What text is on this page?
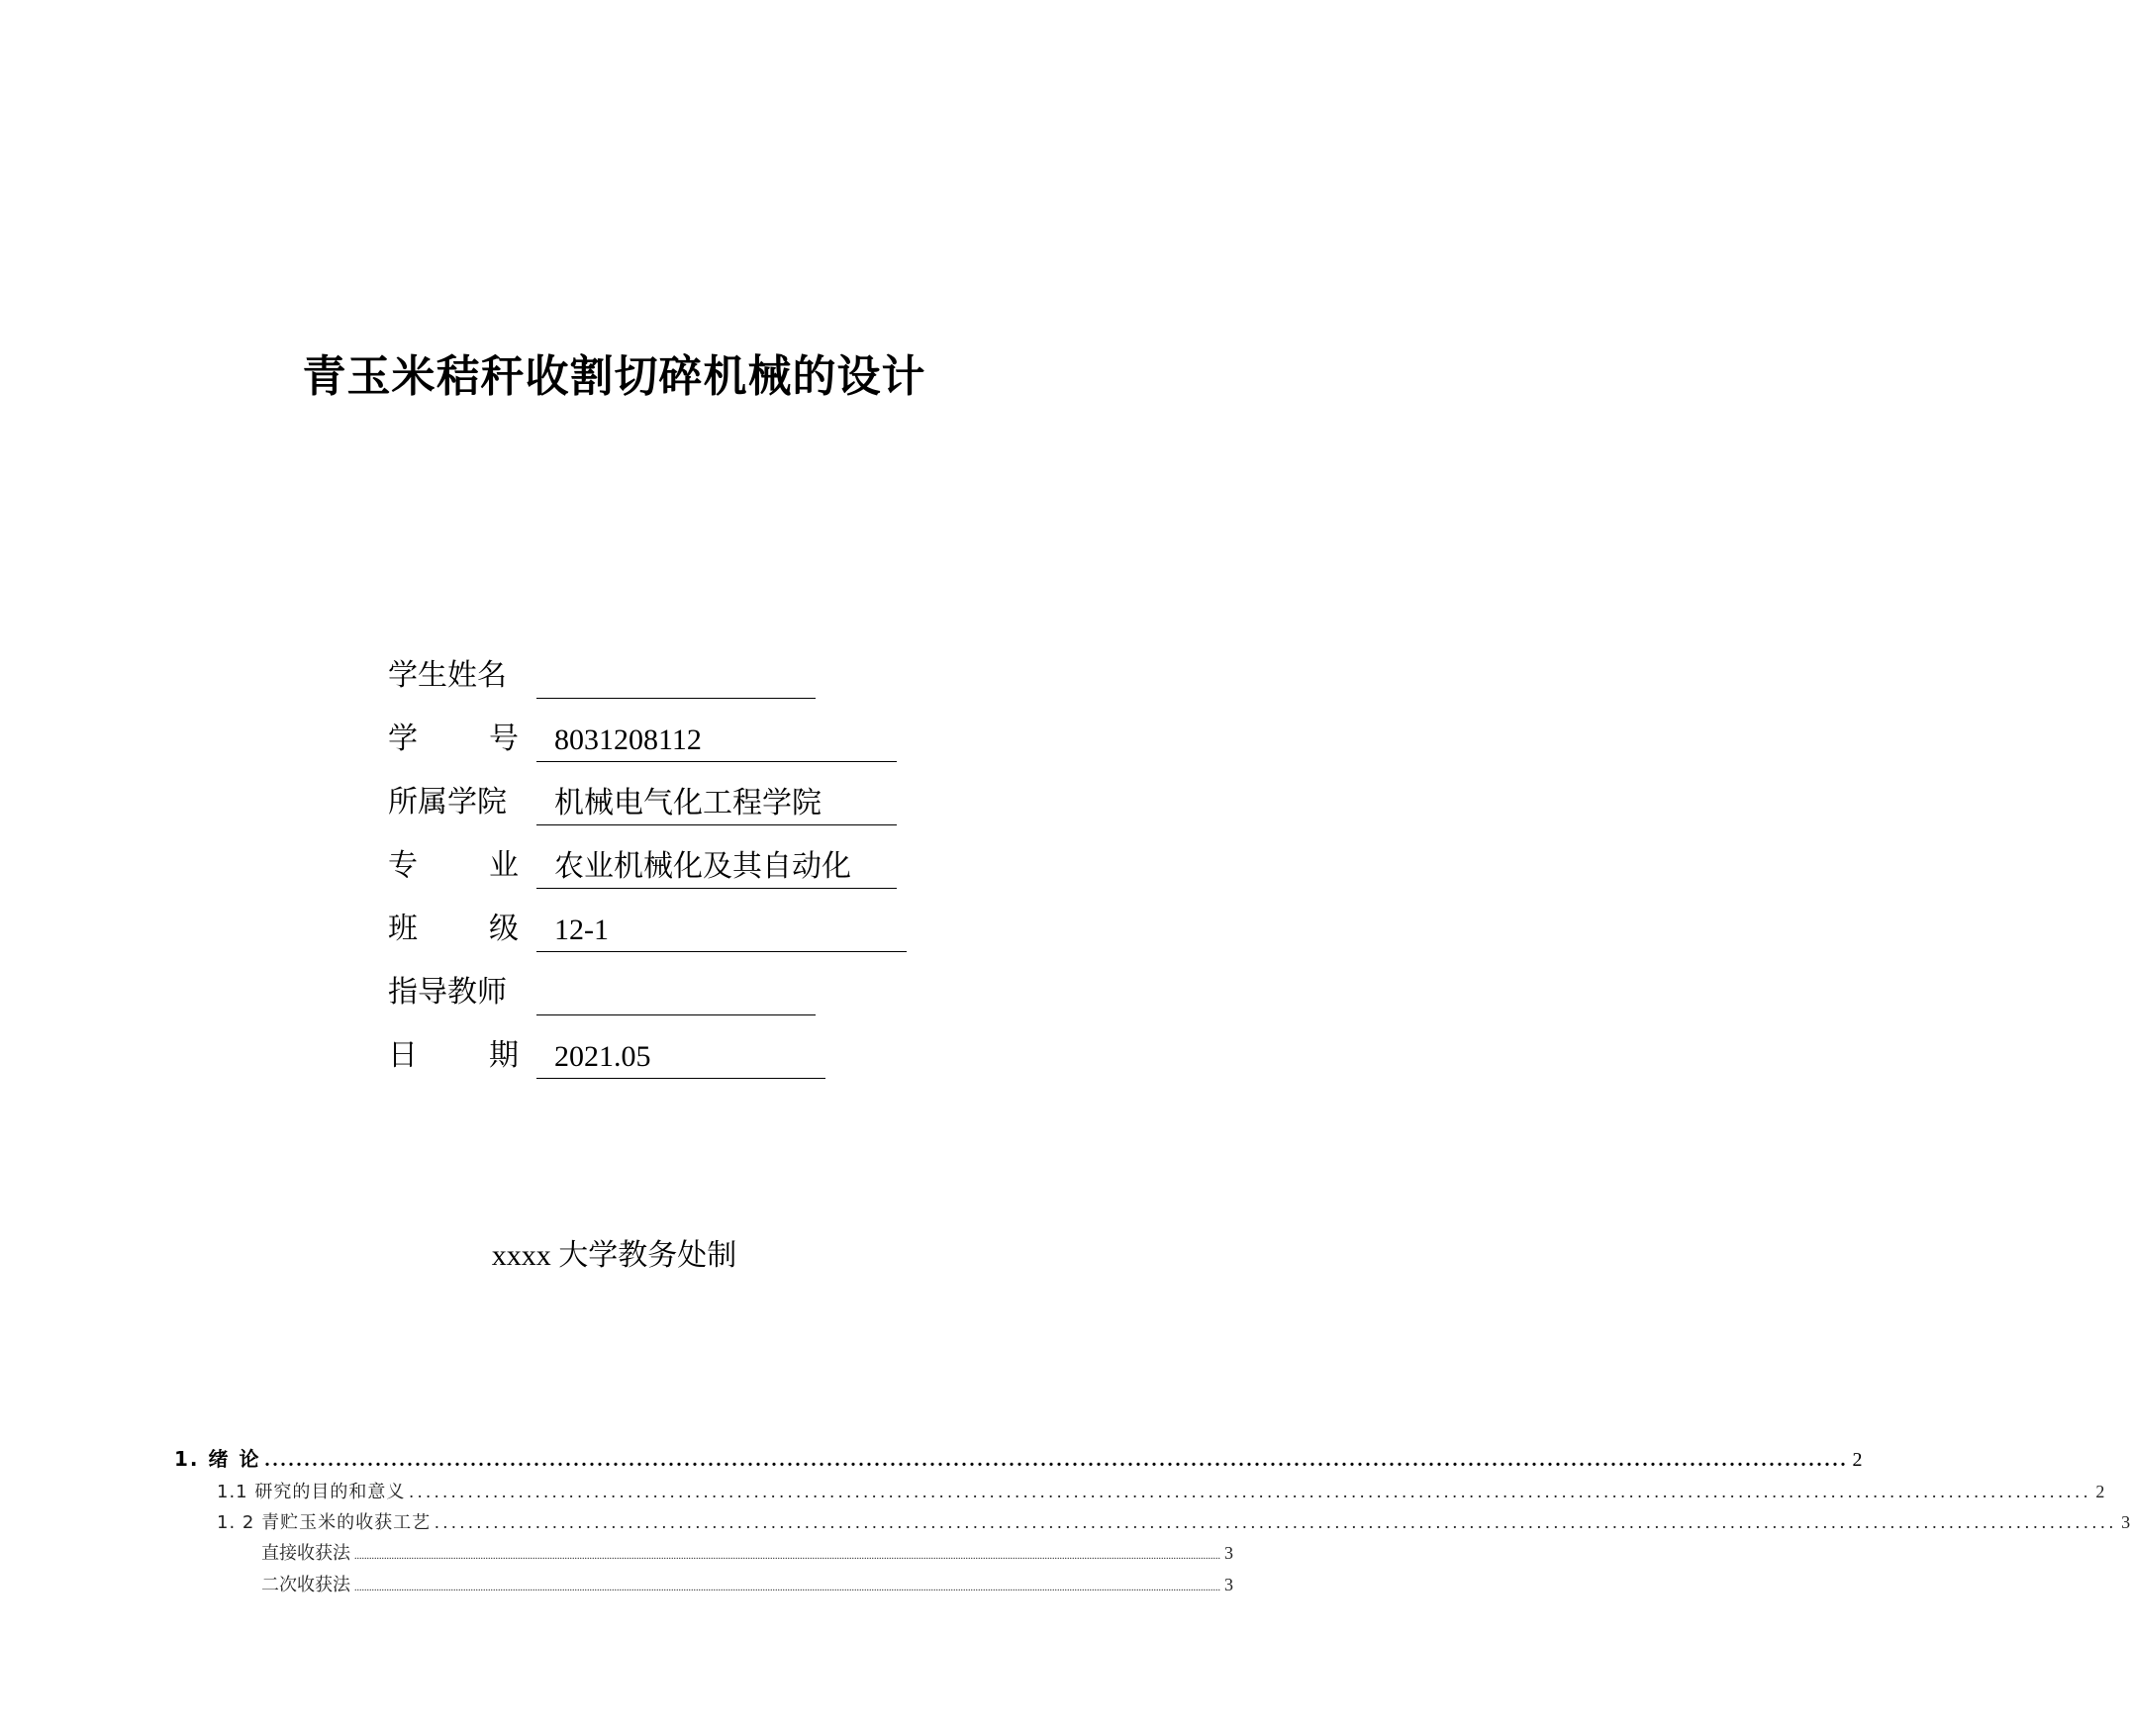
青玉米秸秆收割切碎机械的设计
学生姓名
学号 8031208112
所属学院	机械电气化工程学院
专业 农业机械化及其自动化
班级 12-1
指导教师
日期 2021.05
xxxx 大学教务处制
1. 绪 论 ........................................................................................................................................................................................................ 2
1.1 研究的目的和意义 ........................................................................................................................................................................................................ 2
1. 2 青贮玉米的收获工艺 ........................................................................................................................................................................................................ 3
直接收获法 .............................................................................................................................................................................................................................................................................................................................................................. 3
二次收获法 .............................................................................................................................................................................................................................................................................................................................................................. 3
